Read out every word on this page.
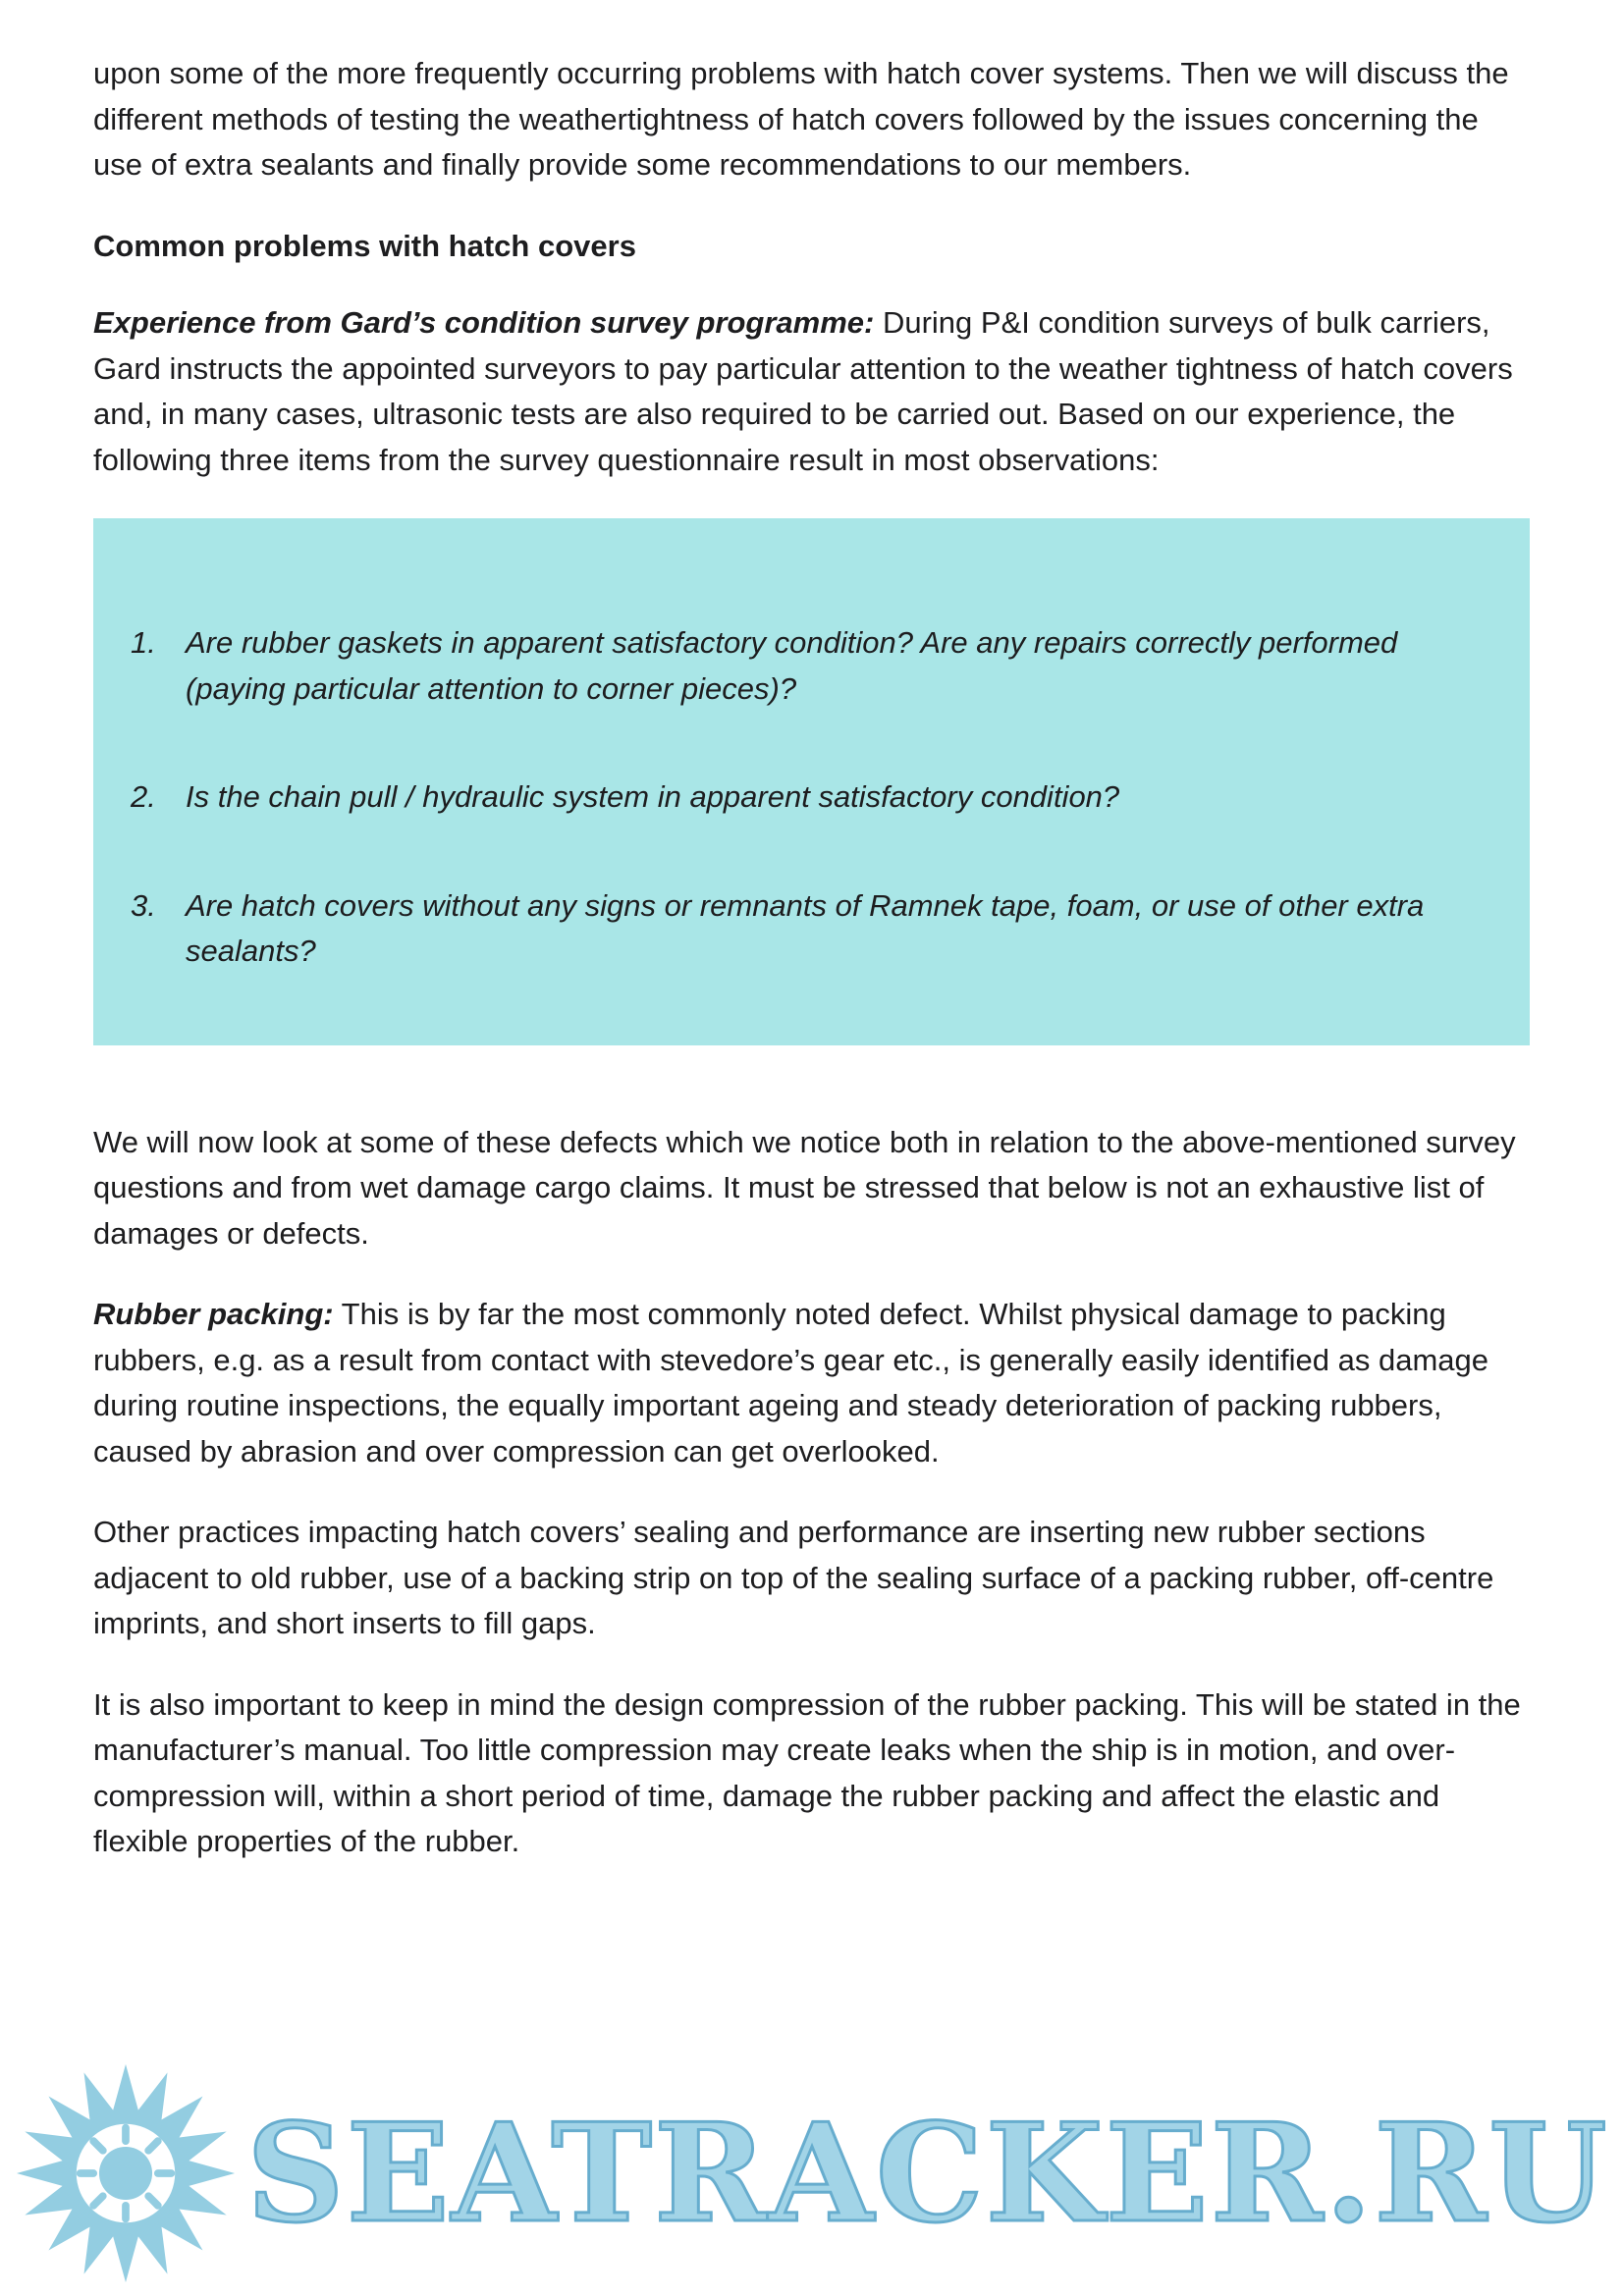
upon some of the more frequently occurring problems with hatch cover systems. Then we will discuss the different methods of testing the weathertightness of hatch covers followed by the issues concerning the use of extra sealants and finally provide some recommendations to our members.

Common problems with hatch covers

Experience from Gard’s condition survey programme: During P&I condition surveys of bulk carriers, Gard instructs the appointed surveyors to pay particular attention to the weather tightness of hatch covers and, in many cases, ultrasonic tests are also required to be carried out. Based on our experience, the following three items from the survey questionnaire result in most observations:

1. Are rubber gaskets in apparent satisfactory condition? Are any repairs correctly performed (paying particular attention to corner pieces)?
2. Is the chain pull / hydraulic system in apparent satisfactory condition?
3. Are hatch covers without any signs or remnants of Ramnek tape, foam, or use of other extra sealants?

We will now look at some of these defects which we notice both in relation to the above-mentioned survey questions and from wet damage cargo claims. It must be stressed that below is not an exhaustive list of damages or defects.

Rubber packing: This is by far the most commonly noted defect. Whilst physical damage to packing rubbers, e.g. as a result from contact with stevedore’s gear etc., is generally easily identified as damage during routine inspections, the equally important ageing and steady deterioration of packing rubbers, caused by abrasion and over compression can get overlooked.

Other practices impacting hatch covers’ sealing and performance are inserting new rubber sections adjacent to old rubber, use of a backing strip on top of the sealing surface of a packing rubber, off-centre imprints, and short inserts to fill gaps.

It is also important to keep in mind the design compression of the rubber packing. This will be stated in the manufacturer’s manual. Too little compression may create leaks when the ship is in motion, and over-compression will, within a short period of time, damage the rubber packing and affect the elastic and flexible properties of the rubber.

SEATRACKER.RU
